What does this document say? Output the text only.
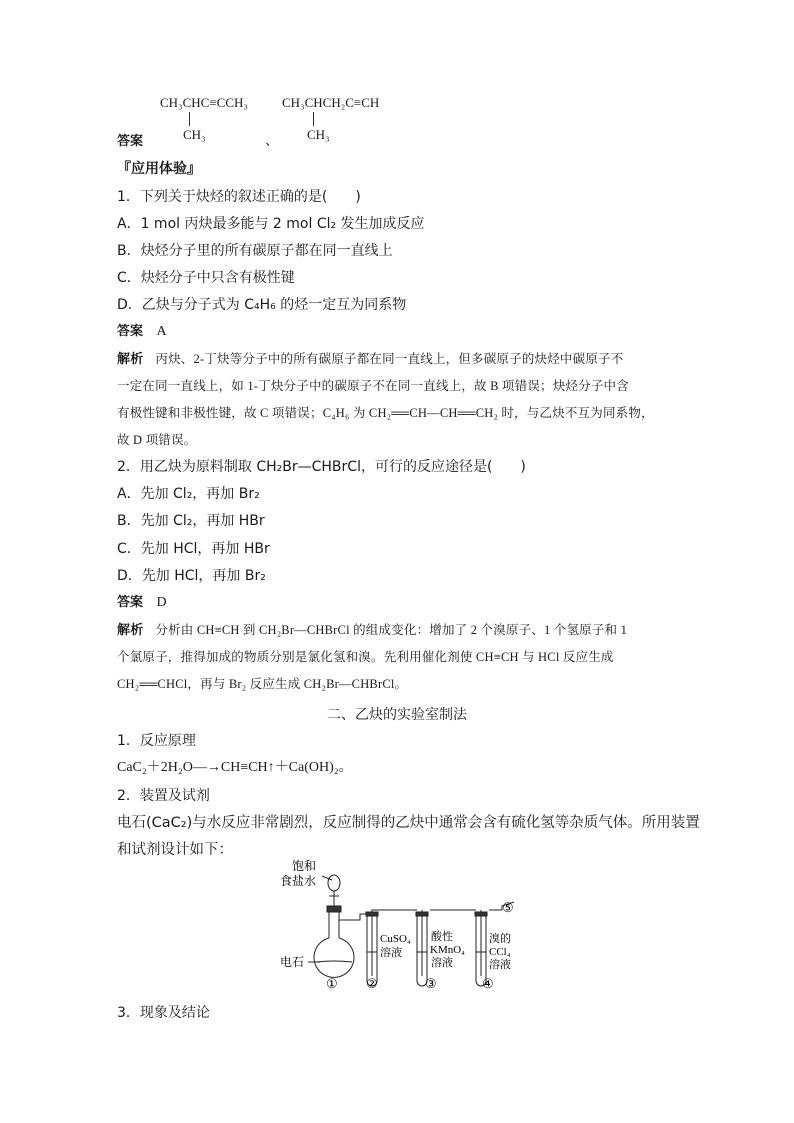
CH₃CHC≡CCH₃
CH₃
CH₃CHCH₂C≡CH
CH₃
答案	、
『应用体验』
1．下列关于炔烃的叙述正确的是(　　)
A．1 mol 丙炔最多能与 2 mol Cl₂ 发生加成反应
B．炔烃分子里的所有碳原子都在同一直线上
C．炔烃分子中只含有极性键
D．乙炔与分子式为 C₄H₆ 的烃一定互为同系物
答案 A
解析 丙炔、2-丁炔等分子中的所有碳原子都在同一直线上，但多碳原子的炔烃中碳原子不
一定在同一直线上，如 1-丁炔分子中的碳原子不在同一直线上，故 B 项错误；炔烃分子中含
有极性键和非极性键，故 C 项错误；C₄H₆ 为 CH₂══CH—CH══CH₂ 时，与乙炔不互为同系物，
故 D 项错误。
2．用乙炔为原料制取 CH₂Br—CHBrCl，可行的反应途径是(　　)
A．先加 Cl₂，再加 Br₂
B．先加 Cl₂，再加 HBr
C．先加 HCl，再加 HBr
D．先加 HCl，再加 Br₂
答案 D
解析 分析由 CH≡CH 到 CH₂Br—CHBrCl 的组成变化：增加了 2 个溴原子、1 个氢原子和 1
个氯原子，推得加成的物质分别是氯化氢和溴。先利用催化剂使 CH≡CH 与 HCl 反应生成
CH₂══CHCl，再与 Br₂ 反应生成 CH₂Br—CHBrCl。
二、乙炔的实验室制法
1．反应原理
CaC₂＋2H₂O—→CH≡CH↑＋Ca(OH)₂。
2．装置及试剂
电石(CaC₂)与水反应非常剧烈，反应制得的乙炔中通常会含有硫化氢等杂质气体。所用装置
和试剂设计如下：
饱和
食盐水
电石
CuSO₄
溶液
酸性
KMnO₄
溶液
溴的
CCl₄
溶液
① ②	③	④
⑤
3．现象及结论
